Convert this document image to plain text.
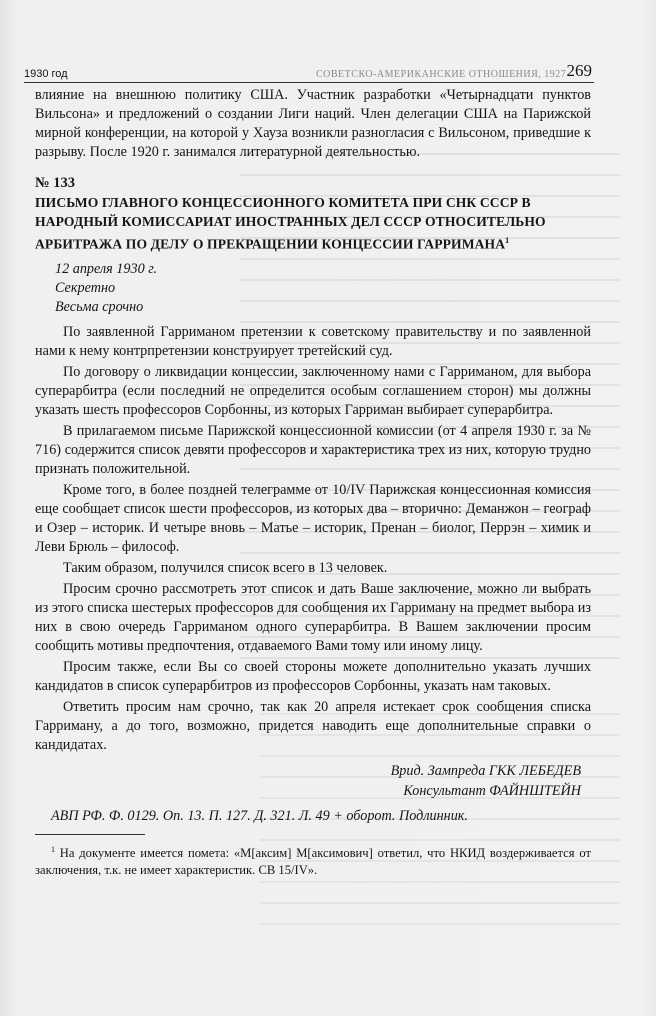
1930 год	СОВЕТСКО-АМЕРИКАНСКИЕ ОТНОШЕНИЯ, 1927 269

влияние на внешнюю политику США. Участник разработки «Четырнадцати пунктов Вильсона» и предложений о создании Лиги наций. Член делегации США на Парижской мирной конференции, на которой у Хауза возникли разногласия с Вильсоном, приведшие к разрыву. После 1920 г. занимался литературной деятельностью.

№ 133
ПИСЬМО ГЛАВНОГО КОНЦЕССИОННОГО КОМИТЕТА ПРИ СНК СССР В НАРОДНЫЙ КОМИССАРИАТ ИНОСТРАННЫХ ДЕЛ СССР ОТНОСИТЕЛЬНО АРБИТРАЖА ПО ДЕЛУ О ПРЕКРАЩЕНИИ КОНЦЕССИИ ГАРРИМАНА$^1$
12 апреля 1930 г.
Секретно
Весьма срочно

По заявленной Гарриманом претензии к советскому правительству и по заявленной нами к нему контрпретензии конструирует третейский суд.

По договору о ликвидации концессии, заключенному нами с Гарриманом, для выбора суперарбитра (если последний не определится особым соглашением сторон) мы должны указать шесть профессоров Сорбонны, из которых Гарриман выбирает суперарбитра.

В прилагаемом письме Парижской концессионной комиссии (от 4 апреля 1930 г. за № 716) содержится список девяти профессоров и характеристика трех из них, которую трудно признать положительной.

Кроме того, в более поздней телеграмме от 10/IV Парижская концессионная комиссия еще сообщает список шести профессоров, из которых два – вторично: Деманжон – географ и Озер – историк. И четыре вновь – Матье – историк, Пренан – биолог, Перрэн – химик и Леви Брюль – философ.

Таким образом, получился список всего в 13 человек.

Просим срочно рассмотреть этот список и дать Ваше заключение, можно ли выбрать из этого списка шестерых профессоров для сообщения их Гарриману на предмет выбора из них в свою очередь Гарриманом одного суперарбитра. В Вашем заключении просим сообщить мотивы предпочтения, отдаваемого Вами тому или иному лицу.

Просим также, если Вы со своей стороны можете дополнительно указать лучших кандидатов в список суперарбитров из профессоров Сорбонны, указать нам таковых.

Ответить просим нам срочно, так как 20 апреля истекает срок сообщения списка Гарриману, а до того, возможно, придется наводить еще дополнительные справки о кандидатах.

Врид. Зампреда ГКК ЛЕБЕДЕВ
Консультант ФАЙНШТЕЙН
АВП РФ. Ф. 0129. Оп. 13. П. 127. Д. 321. Л. 49 + оборот. Подлинник.
$^1$ На документе имеется помета: «М[аксим] М[аксимович] ответил, что НКИД воздерживается от заключения, т.к. не имеет характеристик. СВ 15/IV».
